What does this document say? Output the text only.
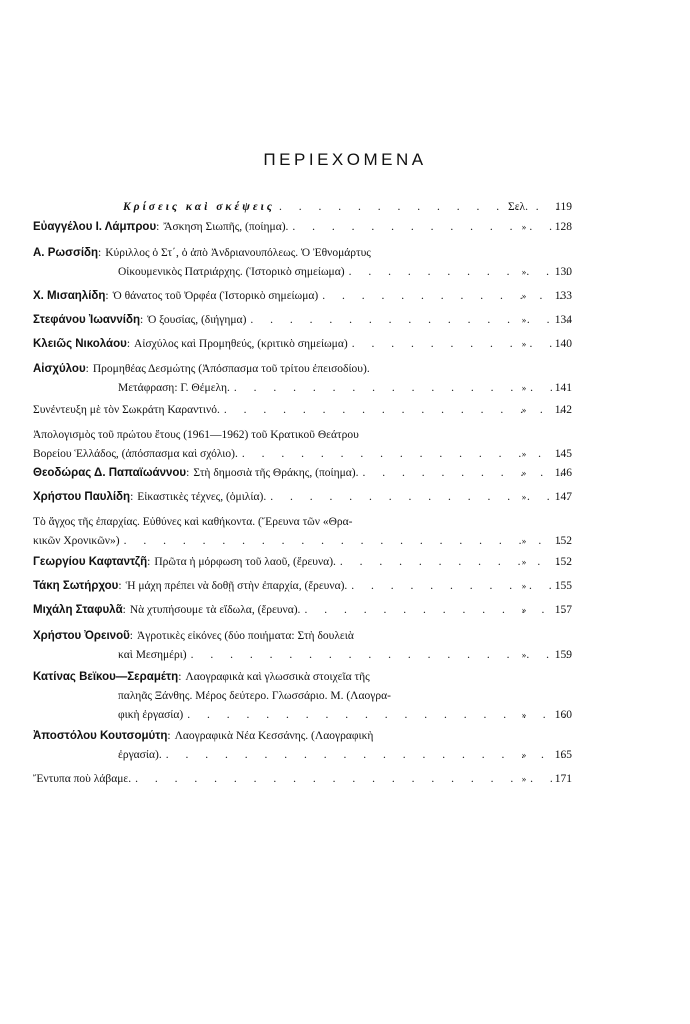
ΠΕΡΙΕΧΟΜΕΝΑ
Κρίσεις καὶ σκέψεις . . .	Σελ.	119
Εὐαγγέλου Ι. Λάμπρου : Ἄσκηση Σιωπῆς, (ποίημα). . . .	»	128
Α. Ρωσσίδη : Κύριλλος ὁ Στ΄, ὁ ἀπὸ Ἀνδριανουπόλεως. Ὁ Ἐθνομάρτυς
Οἰκουμενικὸς Πατριάρχης. (Ἱστορικὸ σημείωμα) . . .	»	130
Χ. Μισαηλίδη : Ὁ θάνατος τοῦ Ὀρφέα (Ἱστορικὸ σημείωμα) . . .	»	133
Στεφάνου Ἰωαννίδη : Ὁ ξουσίας, (διήγημα) . . .	»	134
Κλειῶς Νικολάου : Αἰσχύλος καὶ Προμηθεύς, (κριτικὸ σημείωμα) . . .	»	140
Αἰσχύλου : Προμηθέας Δεσμώτης (Ἀπόσπασμα τοῦ τρίτου ἐπεισοδίου).
Μετάφραση: Γ. Θέμελη. . . .	»	141
Συνέντευξη μὲ τὸν Σωκράτη Καραντινό. . . .	»	142
Ἀπολογισμὸς τοῦ πρώτου ἔτους (1961—1962) τοῦ Κρατικοῦ Θεάτρου
Βορείου Ἑλλάδος, (ἀπόσπασμα καὶ σχόλιο). . . .	»	145
Θεοδώρας Δ. Παπαϊωάννου : Στὴ δημοσιὰ τῆς Θράκης, (ποίημα). . . .	»	146
Χρήστου Παυλίδη : Εἰκαστικὲς τέχνες, (ὁμιλία). . . .	»	147
Τὸ ἄγχος τῆς ἐπαρχίας. Εὐθύνες καὶ καθήκοντα. (Ἔρευνα τῶν «Θρα-
κικῶν Χρονικῶν») . . .	»	152
Γεωργίου Καφταντζῆ : Πρῶτα ἡ μόρφωση τοῦ λαοῦ, (ἔρευνα). . . .	»	152
Τάκη Σωτήρχου : Ἡ μάχη πρέπει νὰ δοθῇ στὴν ἐπαρχία, (ἔρευνα). . . .	»	155
Μιχάλη Σταφυλᾶ : Νὰ χτυπήσουμε τὰ εἴδωλα, (ἔρευνα). . . .	»	157
Χρήστου Ὀρεινοῦ : Ἀγροτικὲς εἰκόνες (δύο ποιήματα: Στὴ δουλειὰ
καὶ Μεσημέρι) . . .	»	159
Κατίνας Βεϊκου—Σεραμέτη : Λαογραφικὰ καὶ γλωσσικὰ στοιχεῖα τῆς
παληᾶς Ξάνθης. Μέρος δεύτερο. Γλωσσάριο. Μ. (Λαογρα-
φικὴ ἐργασία) . . .	»	160
Ἀποστόλου Κουτσομύτη : Λαογραφικὰ Νέα Κεσσάνης. (Λαογραφικὴ
ἐργασία). . . .	»	165
Ἔντυπα ποὺ λάβαμε. . . .	»	171
